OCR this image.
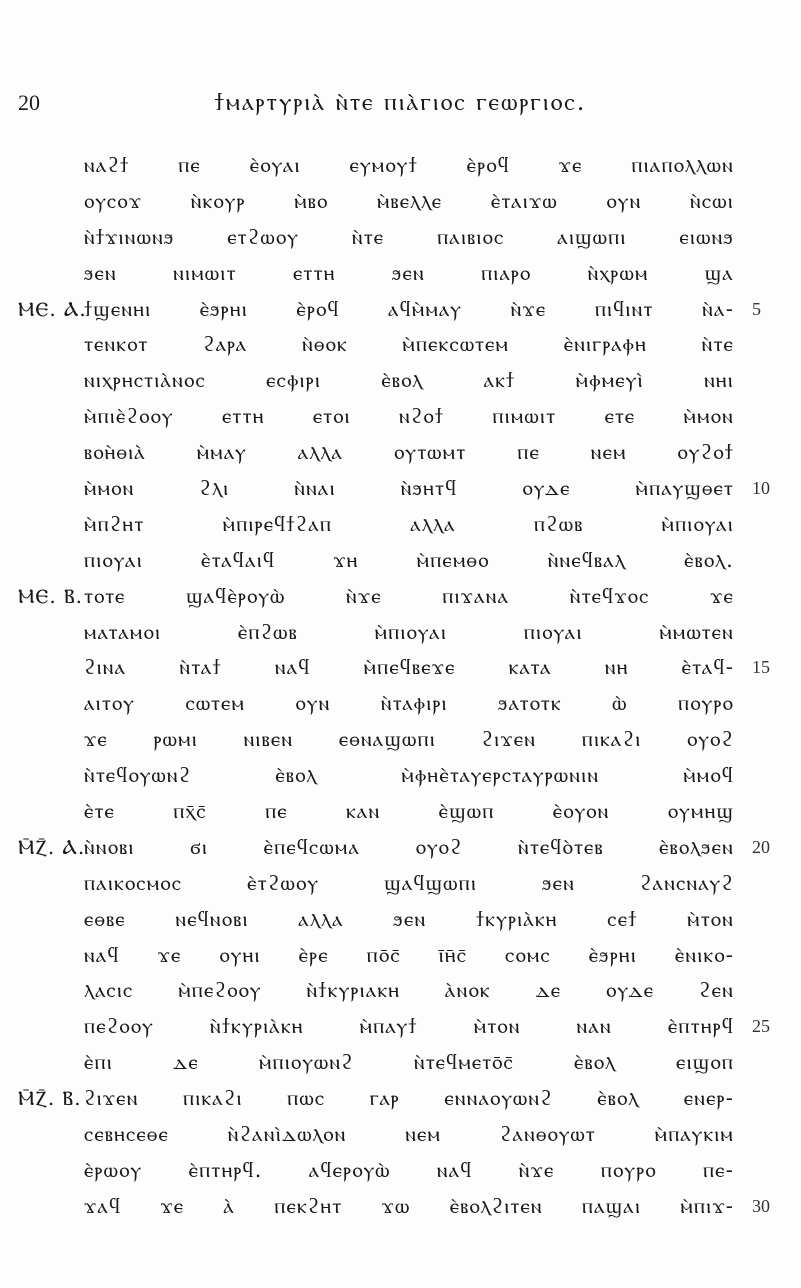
20	ϯⲙⲁⲣⲧⲩⲣⲓⲁ̀ ⲛ̀ⲧⲉ ⲡⲓⲁ̀ⲅⲓⲟⲥ ⲅⲉⲱⲣⲅⲓⲟⲥ.
ⲛⲁϩϯ ⲡⲉ ⲉ̀ⲟⲩⲁⲓ ⲉⲩⲙⲟⲩϯ ⲉ̀ⲣⲟϥ ϫⲉ ⲡⲓⲁⲡⲟⲗⲗⲱⲛ
ⲟⲩⲥⲟϫ ⲛ̀ⲕⲟⲩⲣ ⲙ̀ⲃⲟ ⲙ̀ⲃⲉⲗⲗⲉ ⲉ̀ⲧⲁⲓϫⲱ ⲟⲩⲛ ⲛ̀ⲥⲱⲓ
ⲛ̀ϯϫⲓⲛⲱⲛϧ ⲉⲧϩⲱⲟⲩ ⲛ̀ⲧⲉ ⲡⲁⲓⲃⲓⲟⲥ ⲁⲓϣⲱⲡⲓ ⲉⲓⲱⲛϧ
ϧⲉⲛ ⲛⲓⲙⲱⲓⲧ ⲉⲧⲧⲏ ϧⲉⲛ ⲡⲓⲁⲣⲟ ⲛ̀ⲭⲣⲱⲙ ϣⲁ
ⲘⲈ. Ⲁ.
ϯϣⲉⲛⲏⲓ ⲉ̀ϧⲣⲏⲓ ⲉ̀ⲣⲟϥ ⲁϥⲙ̀ⲙⲁⲩ ⲛ̀ϫⲉ ⲡⲓϥⲓⲛⲧ ⲛ̀ⲁ- 5
ⲧⲉⲛⲕⲟⲧ ϩⲁⲣⲁ ⲛ̀ⲑⲟⲕ ⲙ̀ⲡⲉⲕⲥⲱⲧⲉⲙ ⲉ̀ⲛⲓⲅⲣⲁⲫⲏ ⲛ̀ⲧⲉ
ⲛⲓⲭⲣⲏⲥⲧⲓⲁ̀ⲛⲟⲥ ⲉⲥⲫⲓⲣⲓ ⲉ̀ⲃⲟⲗ ⲁⲕϯ ⲙ̀ⲫⲙⲉⲩⲓ̀ ⲛⲏⲓ
ⲙ̀ⲡⲓⲉ̀ϩⲟⲟⲩ ⲉⲧⲧⲏ ⲉⲧⲟⲓ ⲛϩⲟϯ ⲡⲓⲙⲱⲓⲧ ⲉⲧⲉ ⲙ̀ⲙⲟⲛ
ⲃⲟⲏ̀ⲑⲓⲁ̀ ⲙ̀ⲙⲁⲩ ⲁⲗⲗⲁ ⲟⲩⲧⲱⲙⲧ ⲡⲉ ⲛⲉⲙ ⲟⲩϩⲟϯ
ⲙ̀ⲙⲟⲛ ϩⲗⲓ ⲛ̀ⲛⲁⲓ ⲛ̀ϧⲏⲧϥ ⲟⲩⲇⲉ ⲙ̀ⲡⲁⲩϣⲑⲉⲧ 10
ⲙ̀ⲡϩⲏⲧ ⲙ̀ⲡⲓⲣⲉϥϯϩⲁⲡ ⲁⲗⲗⲁ ⲡϩⲱⲃ ⲙ̀ⲡⲓⲟⲩⲁⲓ
ⲡⲓⲟⲩⲁⲓ ⲉ̀ⲧⲁϥⲁⲓϥ ϫⲏ ⲙ̀ⲡⲉⲙⲑⲟ ⲛ̀ⲛⲉϥⲃⲁⲗ ⲉ̀ⲃⲟⲗ.
ⲘⲈ. Ⲃ. ⲧⲟⲧⲉ ϣⲁϥⲉ̀ⲣⲟⲩⲱ̀ ⲛ̀ϫⲉ ⲡⲓϫⲁⲛⲁ ⲛ̀ⲧⲉϥϫⲟⲥ ϫⲉ
ⲙⲁⲧⲁⲙⲟⲓ ⲉ̀ⲡϩⲱⲃ ⲙ̀ⲡⲓⲟⲩⲁⲓ ⲡⲓⲟⲩⲁⲓ ⲙ̀ⲙⲱⲧⲉⲛ
ϩⲓⲛⲁ ⲛ̀ⲧⲁϯ ⲛⲁϥ ⲙ̀ⲡⲉϥⲃⲉϫⲉ ⲕⲁⲧⲁ ⲛⲏ ⲉ̀ⲧⲁϥ- 15
ⲁⲓⲧⲟⲩ ⲥⲱⲧⲉⲙ ⲟⲩⲛ ⲛ̀ⲧⲁⲫⲓⲣⲓ ϧⲁⲧⲟⲧⲕ ⲱ̀ ⲡⲟⲩⲣⲟ
ϫⲉ ⲣⲱⲙⲓ ⲛⲓⲃⲉⲛ ⲉⲑⲛⲁϣⲱⲡⲓ ϩⲓϫⲉⲛ ⲡⲓⲕⲁϩⲓ ⲟⲩⲟϩ
ⲛ̀ⲧⲉϥⲟⲩⲱⲛϩ ⲉ̀ⲃⲟⲗ ⲙ̀ⲫⲏⲉ̀ⲧⲁⲩⲉⲣⲥⲧⲁⲩⲣⲱⲛⲓⲛ ⲙ̀ⲙⲟϥ
ⲉ̀ⲧⲉ ⲡⲭ̄ⲥ̄ ⲡⲉ ⲕⲁⲛ ⲉ̀ϣⲱⲡ ⲉ̀ⲟⲩⲟⲛ ⲟⲩⲙⲏϣ
Ⲙ̄Ⲍ̄. Ⲁ.
ⲛ̀ⲛⲟⲃⲓ ϭⲓ ⲉ̀ⲡⲉϥⲥⲱⲙⲁ ⲟⲩⲟϩ ⲛ̀ⲧⲉϥⲟ̀ⲧⲉⲃ ⲉ̀ⲃⲟⲗϧⲉⲛ 20
ⲡⲁⲓⲕⲟⲥⲙⲟⲥ ⲉ̀ⲧϩⲱⲟⲩ ϣⲁϥϣⲱⲡⲓ ϧⲉⲛ ϩⲁⲛⲥⲛⲁⲩϩ
ⲉⲑⲃⲉ ⲛⲉϥⲛⲟⲃⲓ ⲁⲗⲗⲁ ϧⲉⲛ ϯⲕⲩⲣⲓⲁ̀ⲕⲏ ⲥⲉϯ ⲙ̀ⲧⲟⲛ
ⲛⲁϥ ϫⲉ ⲟⲩⲏⲓ ⲉ̀ⲣⲉ ⲡⲟ̄ⲥ̄ ⲓ̄ⲏ̄ⲥ̄ ⲥⲟⲙⲥ ⲉ̀ϧⲣⲏⲓ ⲉ̀ⲛⲓⲕⲟ-
ⲗⲁⲥⲓⲥ ⲙ̀ⲡⲉϩⲟⲟⲩ ⲛ̀ϯⲕⲩⲣⲓⲁⲕⲏ ⲁ̀ⲛⲟⲕ ⲇⲉ ⲟⲩⲇⲉ ϩⲉⲛ
ⲡⲉϩⲟⲟⲩ ⲛ̀ϯⲕⲩⲣⲓⲁ̀ⲕⲏ ⲙ̀ⲡⲁⲩϯ ⲙ̀ⲧⲟⲛ ⲛⲁⲛ ⲉ̀ⲡⲧⲏⲣϥ 25
ⲉ̀ⲡⲓ ⲇⲉ ⲙ̀ⲡⲓⲟⲩⲱⲛϩ ⲛ̀ⲧⲉϥⲙⲉⲧⲟ̄ⲥ̄ ⲉ̀ⲃⲟⲗ ⲉⲓϣⲟⲡ
Ⲙ̄Ⲍ̄. Ⲃ. ϩⲓϫⲉⲛ ⲡⲓⲕⲁϩⲓ ⲡⲱⲥ ⲅⲁⲣ ⲉⲛⲛⲁⲟⲩⲱⲛϩ ⲉ̀ⲃⲟⲗ ⲉⲛⲉⲣ-
ⲥⲉⲃⲏⲥⲉⲑⲉ ⲛ̀ϩⲁⲛⲓ̀ⲇⲱⲗⲟⲛ ⲛⲉⲙ ϩⲁⲛⲑⲟⲩⲱⲧ ⲙ̀ⲡⲁⲩⲕⲓⲙ
ⲉ̀ⲣⲱⲟⲩ ⲉ̀ⲡⲧⲏⲣϥ. ⲁϥⲉⲣⲟⲩⲱ̀ ⲛⲁϥ ⲛ̀ϫⲉ ⲡⲟⲩⲣⲟ ⲡⲉ-
ϫⲁϥ ϫⲉ ⲁ̀ ⲡⲉⲕϩⲏⲧ ϫⲱ ⲉ̀ⲃⲟⲗϩⲓⲧⲉⲛ ⲡⲁϣⲁⲓ ⲙ̀ⲡⲓϫ- 30
